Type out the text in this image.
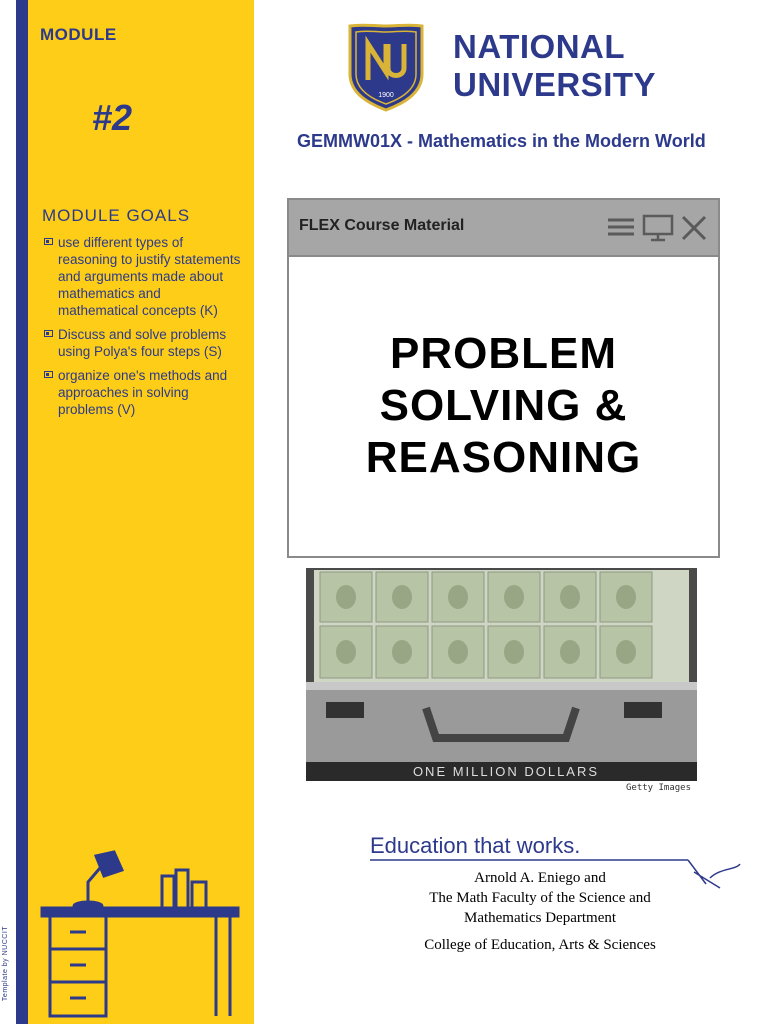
MODULE
#2
MODULE GOALS
use different types of reasoning to justify statements and arguments made about mathematics and mathematical concepts (K)
Discuss and solve problems using Polya's four steps (S)
organize one's methods and approaches in solving problems (V)
Template by NUCCIT
1900
NATIONAL
UNIVERSITY
GEMMW01X - Mathematics in the Modern World
FLEX Course Material
PROBLEM
SOLVING &
REASONING
ONE MILLION DOLLARS
Getty Images
Education that works.
Arnold A. Eniego and
The Math Faculty of the Science and
Mathematics Department
College of Education, Arts & Sciences
